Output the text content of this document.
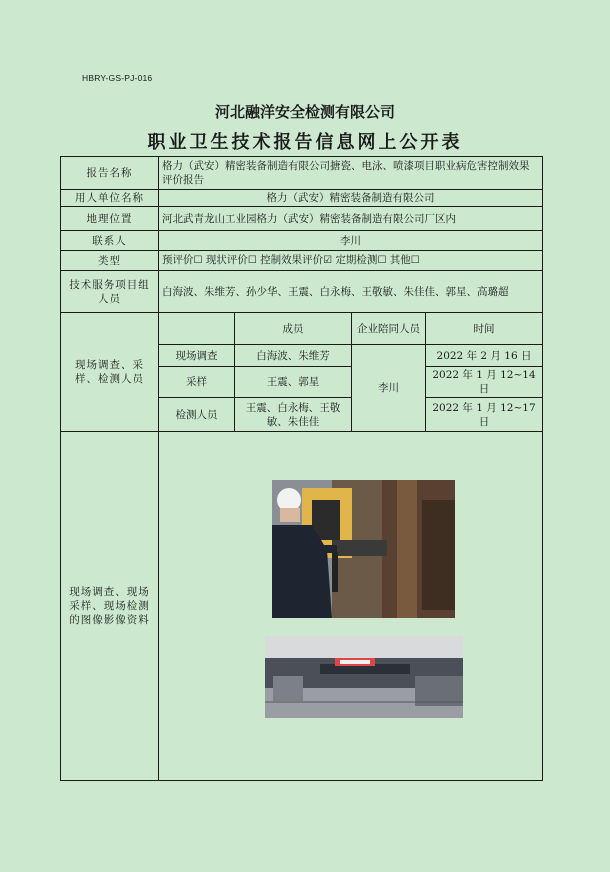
HBRY-GS-PJ-016
河北融洋安全检测有限公司
职业卫生技术报告信息网上公开表
报告名称	格力（武安）精密装备制造有限公司搪瓷、电泳、喷漆项目职业病危害控制效果评价报告			
用人单位名称	格力（武安）精密装备制造有限公司			
地理位置	河北武青龙山工业园格力（武安）精密装备制造有限公司厂区内			
联系人	李川			
类型	预评价☐ 现状评价☐ 控制效果评价☑ 定期检测☐ 其他☐			
技术服务项目组人员	白海波、朱维芳、孙少华、王震、白永梅、王敬敏、朱佳佳、郭星、高璐超			
现场调查、采样、检测人员		成员	企业陪同人员	时间
	现场调查	白海波、朱维芳	李川	2022 年 2 月 16 日
	采样	王震、郭星		2022 年 1 月 12~14 日
	检测人员	王震、白永梅、王敬敏、朱佳佳		2022 年 1 月 12~17 日
现场调查、现场采样、现场检测的图像影像资料	
